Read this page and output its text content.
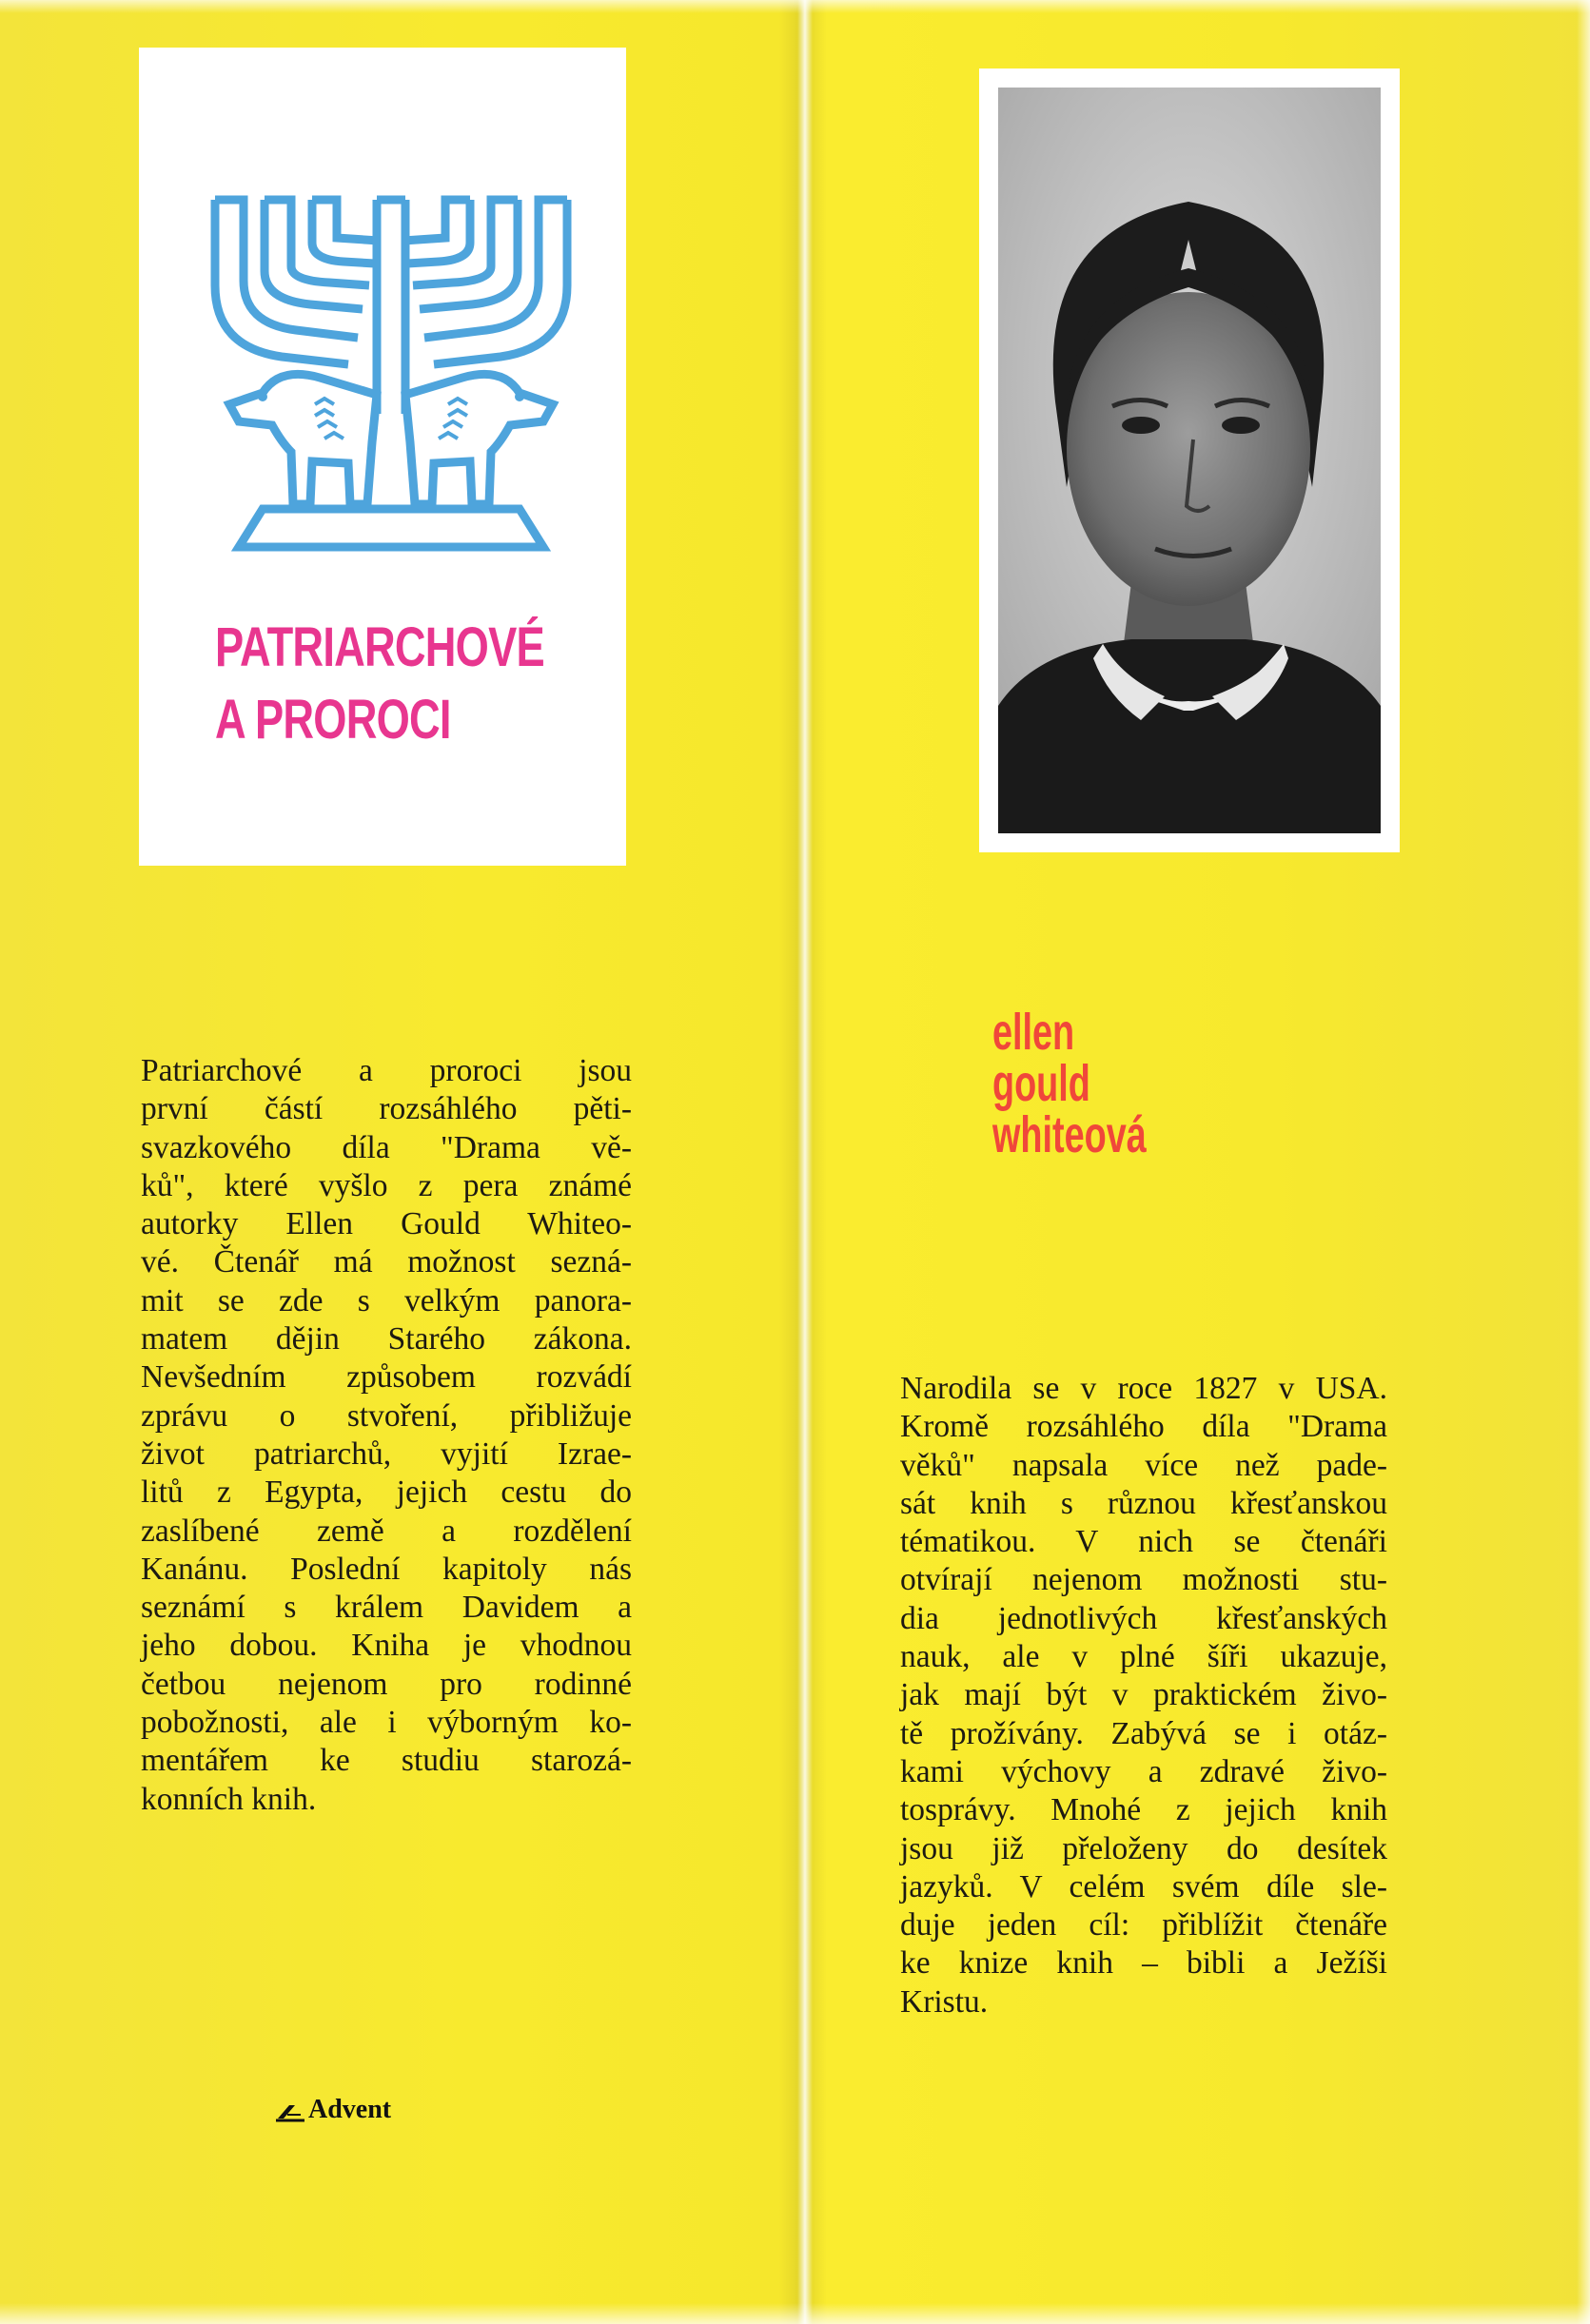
PATRIARCHOVÉ
A PROROCI
Patriarchové a proroci jsou
první částí rozsáhlého pěti-
svazkového díla "Drama vě-
ků", které vyšlo z pera známé
autorky Ellen Gould Whiteo-
vé. Čtenář má možnost sezná-
mit se zde s velkým panora-
matem dějin Starého zákona.
Nevšedním způsobem rozvádí
zprávu o stvoření, přibližuje
život patriarchů, vyjití Izrae-
litů z Egypta, jejich cestu do
zaslíbené země a rozdělení
Kanánu. Poslední kapitoly nás
seznámí s králem Davidem a
jeho dobou. Kniha je vhodnou
četbou nejenom pro rodinné
pobožnosti, ale i výborným ko-
mentářem ke studiu starozá-
konních knih.
Advent
ellen
gould
whiteová
Narodila se v roce 1827 v USA.
Kromě rozsáhlého díla "Drama
věků" napsala více než pade-
sát knih s různou křesťanskou
tématikou. V nich se čtenáři
otvírají nejenom možnosti stu-
dia jednotlivých křesťanských
nauk, ale v plné šíři ukazuje,
jak mají být v praktickém živo-
tě prožívány. Zabývá se i otáz-
kami výchovy a zdravé živo-
tosprávy. Mnohé z jejich knih
jsou již přeloženy do desítek
jazyků. V celém svém díle sle-
duje jeden cíl: přiblížit čtenáře
ke knize knih – bibli a Ježíši
Kristu.
